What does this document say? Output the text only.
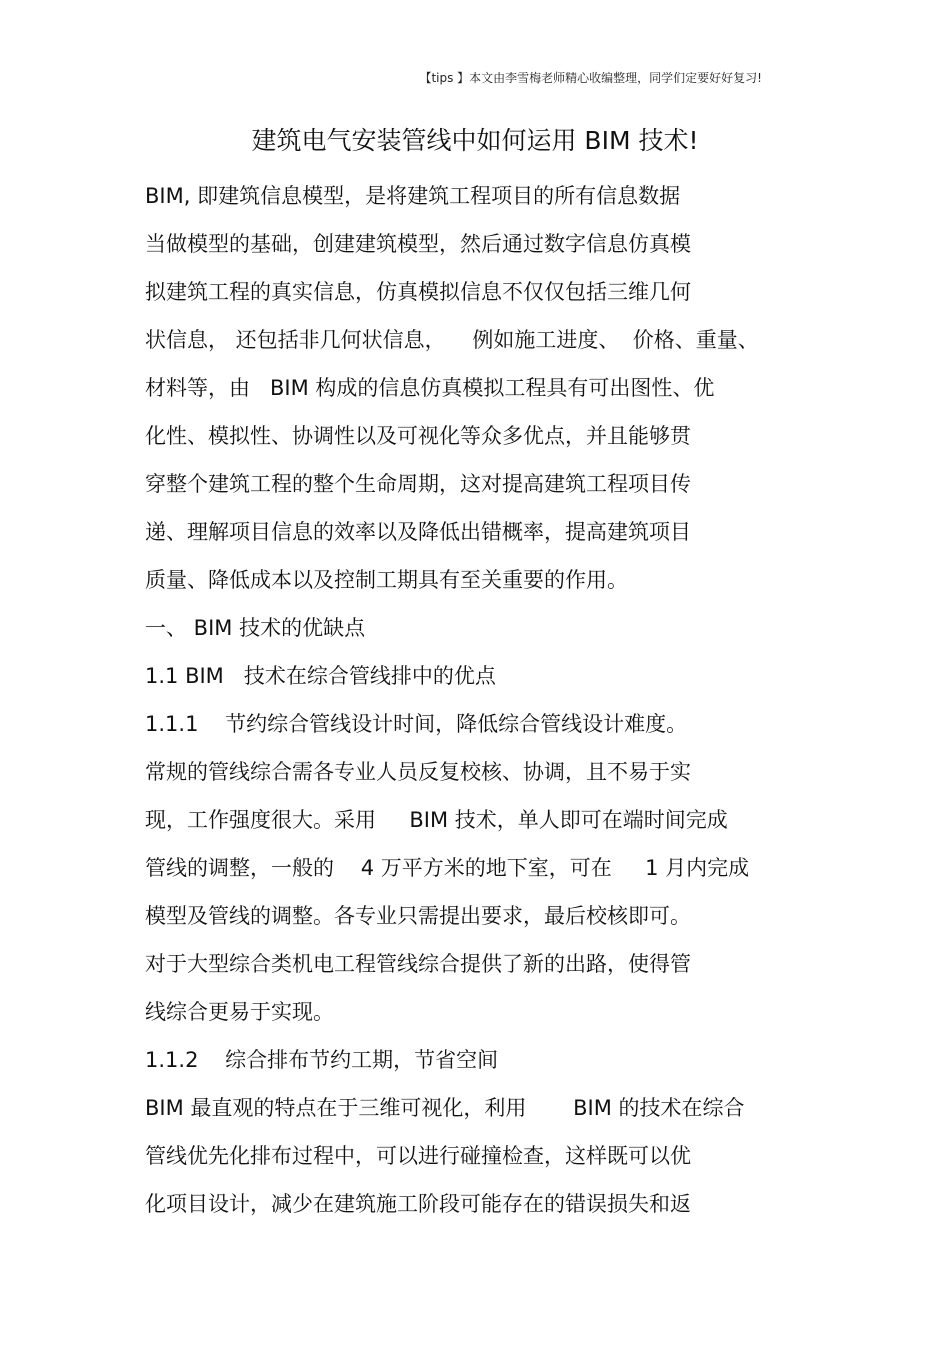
【tips 】本文由李雪梅老师精心收编整理，同学们定要好好复习!
建筑电气安装管线中如何运用 BIM 技术!
BIM, 即建筑信息模型，是将建筑工程项目的所有信息数据
当做模型的基础，创建建筑模型，然后通过数字信息仿真模
拟建筑工程的真实信息，仿真模拟信息不仅仅包括三维几何
状信息， 还包括非几何状信息，    例如施工进度、  价格、重量、
材料等，由   BIM 构成的信息仿真模拟工程具有可出图性、优
化性、模拟性、协调性以及可视化等众多优点，并且能够贯
穿整个建筑工程的整个生命周期，这对提高建筑工程项目传
递、理解项目信息的效率以及降低出错概率，提高建筑项目
质量、降低成本以及控制工期具有至关重要的作用。
一、 BIM 技术的优缺点
1.1 BIM   技术在综合管线排中的优点
1.1.1    节约综合管线设计时间，降低综合管线设计难度。
常规的管线综合需各专业人员反复校核、协调，且不易于实
现，工作强度很大。采用     BIM 技术，单人即可在端时间完成
管线的调整，一般的    4 万平方米的地下室，可在     1 月内完成
模型及管线的调整。各专业只需提出要求，最后校核即可。
对于大型综合类机电工程管线综合提供了新的出路，使得管
线综合更易于实现。
1.1.2    综合排布节约工期，节省空间
BIM 最直观的特点在于三维可视化，利用       BIM 的技术在综合
管线优先化排布过程中，可以进行碰撞检查，这样既可以优
化项目设计，减少在建筑施工阶段可能存在的错误损失和返
